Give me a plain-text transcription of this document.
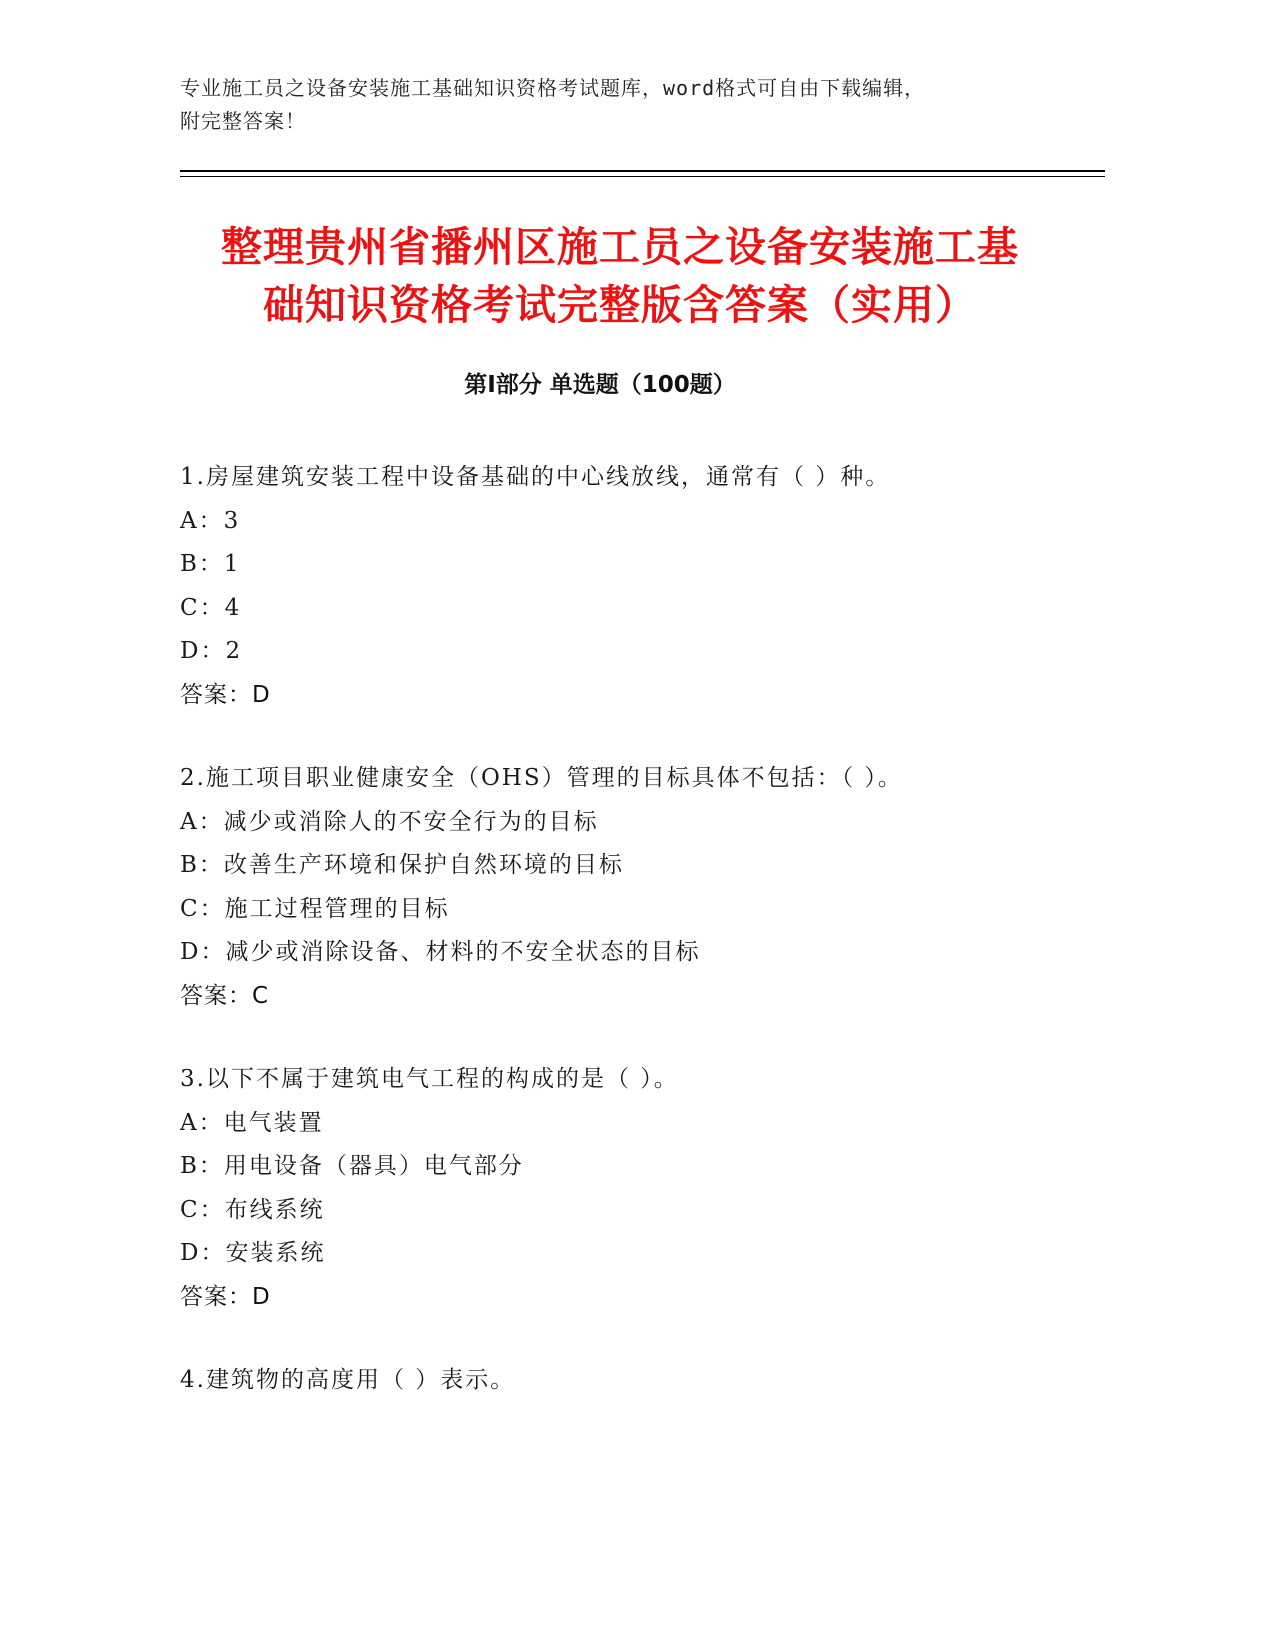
专业施工员之设备安装施工基础知识资格考试题库，word格式可自由下载编辑，
附完整答案！
整理贵州省播州区施工员之设备安装施工基
础知识资格考试完整版含答案（实用）
第Ⅰ部分 单选题（100题）
1.房屋建筑安装工程中设备基础的中心线放线，通常有（ ）种。
A：3
B：1
C：4
D：2
答案：D
2.施工项目职业健康安全（OHS）管理的目标具体不包括：（ ）。
A：减少或消除人的不安全行为的目标
B：改善生产环境和保护自然环境的目标
C：施工过程管理的目标
D：减少或消除设备、材料的不安全状态的目标
答案：C
3.以下不属于建筑电气工程的构成的是（ ）。
A：电气装置
B：用电设备（器具）电气部分
C：布线系统
D：安装系统
答案：D
4.建筑物的高度用（ ）表示。
